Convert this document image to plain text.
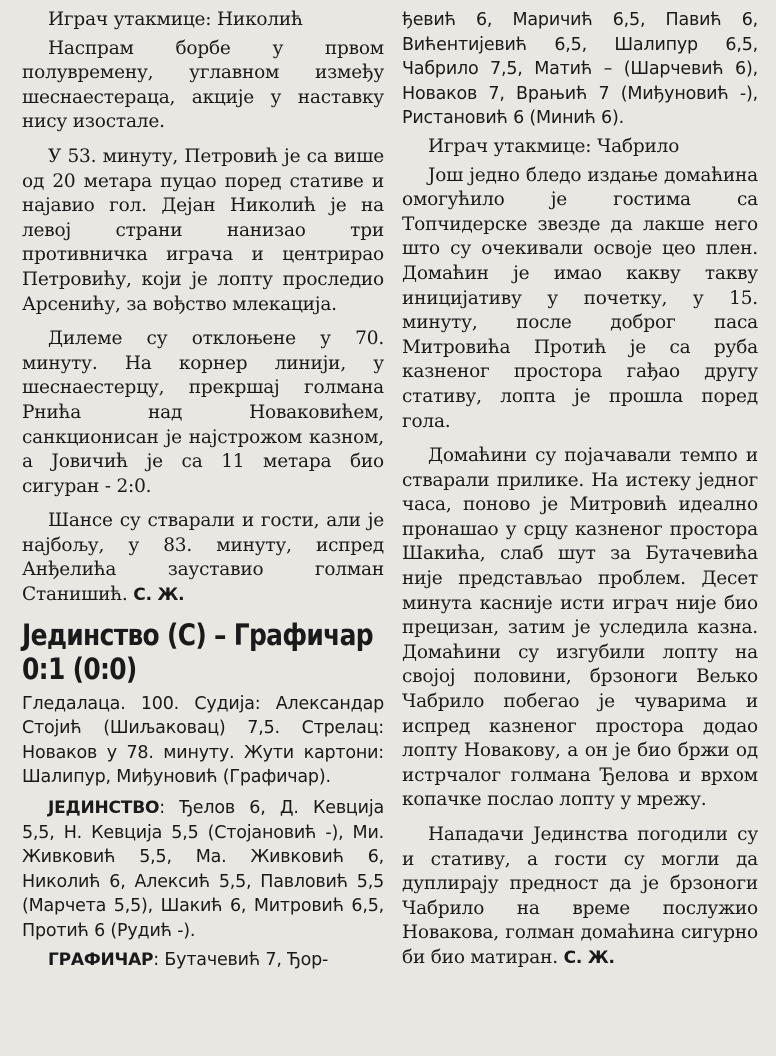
Играч утакмице: Николић

Наспрам борбе у првом полувремену, углавном између шеснаестераца, акције у наставку нису изостале.

У 53. минуту, Петровић је са више од 20 метара пуцао поред стативе и најавио гол. Дејан Николић је на левој страни нанизао три противничка играча и центрирао Петровићу, који је лопту проследио Арсенићу, за вођство млекација.

Дилеме су отклоњене у 70. минуту. На корнер линији, у шеснаестерцу, прекршај голмана Рнића над Новаковићем, санкционисан је најстрожом казном, а Јовичић је са 11 метара био сигуран - 2:0.

Шансе су стварали и гости, али је најбољу, у 83. минуту, испред Анђелића зауставио голман Станишић. С. Ж.

Јединство (С) – Графичар
0:1 (0:0)

Гледалаца. 100. Судија: Александар Стојић (Шиљаковац) 7,5. Стрелац: Новаков у 78. минуту. Жути картони: Шалипур, Миђуновић (Графичар).

ЈЕДИНСТВО: Ђелов 6, Д. Кевција 5,5, Н. Кевција 5,5 (Стојановић -), Ми. Живковић 5,5, Ма. Живковић 6, Николић 6, Алексић 5,5, Павловић 5,5 (Марчета 5,5), Шакић 6, Митровић 6,5, Протић 6 (Рудић -).

ГРАФИЧАР: Бутачевић 7, Ђор-

ђевић 6, Маричић 6,5, Павић 6, Вићентијевић 6,5, Шалипур 6,5, Чабрило 7,5, Матић – (Шарчевић 6), Новаков 7, Врањић 7 (Миђуновић -), Ристановић 6 (Минић 6).

Играч утакмице: Чабрило

Још једно бледо издање домаћина омогућило је гостима са Топчидерске звезде да лакше него што су очекивали освоје цео плен. Домаћин је имао какву такву иницијативу у почетку, у 15. минуту, после доброг паса Митровића Протић је са руба казненог простора гађао другу стативу, лопта је прошла поред гола.

Домаћини су појачавали темпо и стварали прилике. На истеку једног часа, поново је Митровић идеално пронашао у срцу казненог простора Шакића, слаб шут за Бутачевића није представљао проблем. Десет минута касније исти играч није био прецизан, затим је уследила казна. Домаћини су изгубили лопту на својој половини, брзоноги Вељко Чабрило побегао је чуварима и испред казненог простора додао лопту Новакову, а он је био бржи од истрчалог голмана Ђелова и врхом копачке послао лопту у мрежу.

Нападачи Јединства погодили су и стативу, а гости су могли да дуплирају предност да је брзоноги Чабрило на време послужио Новакова, голман домаћина сигурно би био матиран. С. Ж.
